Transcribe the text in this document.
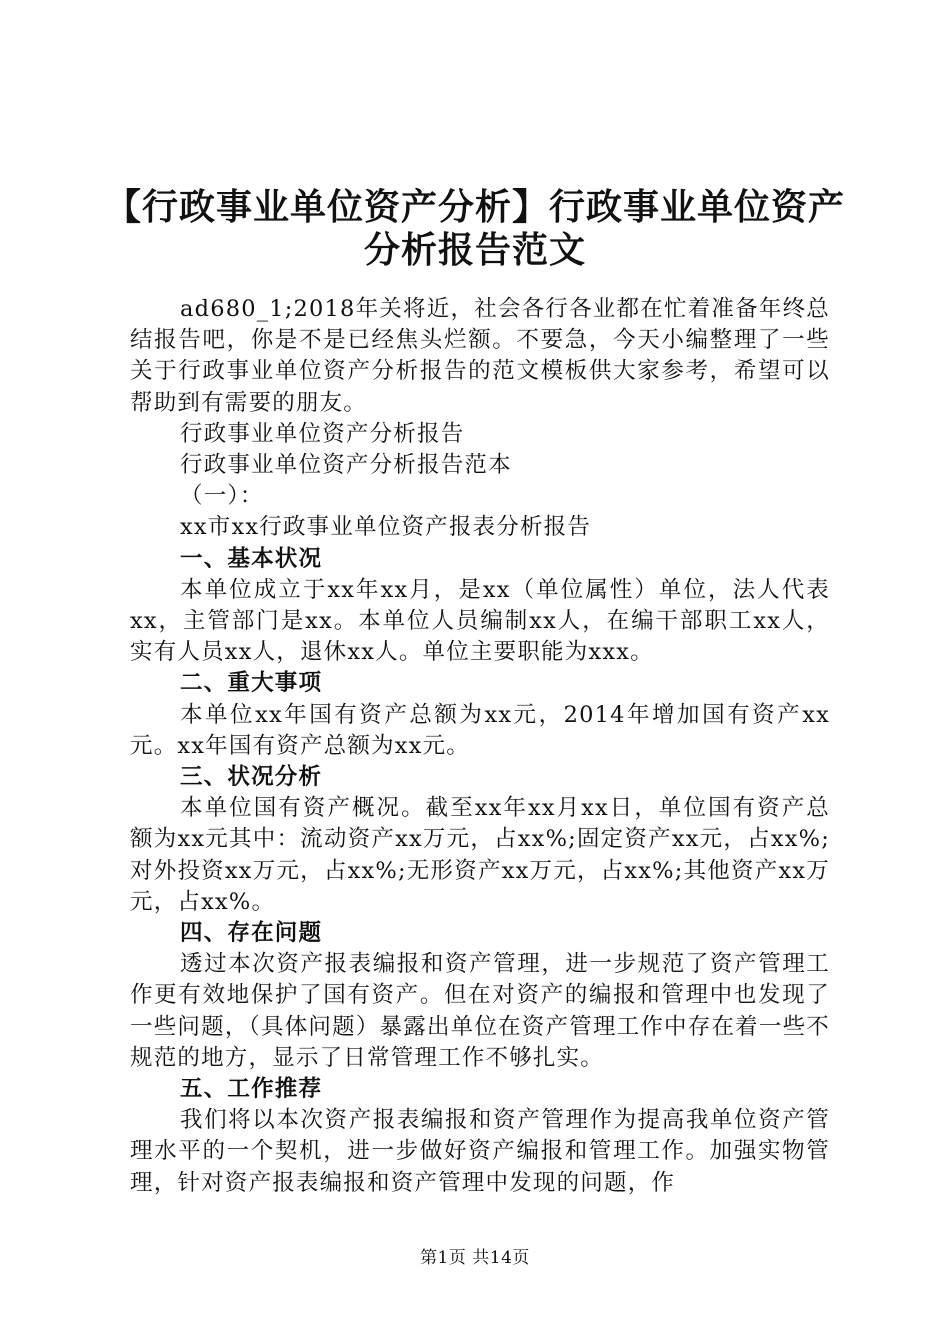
【行政事业单位资产分析】行政事业单位资产
分析报告范文

ad680_1;2018年关将近，社会各行各业都在忙着准备年终总结报告吧，你是不是已经焦头烂额。不要急，今天小编整理了一些关于行政事业单位资产分析报告的范文模板供大家参考，希望可以帮助到有需要的朋友。

行政事业单位资产分析报告

行政事业单位资产分析报告范本

（一）：

xx市xx行政事业单位资产报表分析报告

一、基本状况

本单位成立于xx年xx月，是xx（单位属性）单位，法人代表xx，主管部门是xx。本单位人员编制xx人，在编干部职工xx人，实有人员xx人，退休xx人。单位主要职能为xxx。

二、重大事项

本单位xx年国有资产总额为xx元，2014年增加国有资产xx元。xx年国有资产总额为xx元。

三、状况分析

本单位国有资产概况。截至xx年xx月xx日，单位国有资产总额为xx元其中：流动资产xx万元，占xx%;固定资产xx元，占xx%;对外投资xx万元，占xx%;无形资产xx万元，占xx%;其他资产xx万元，占xx%。

四、存在问题

透过本次资产报表编报和资产管理，进一步规范了资产管理工作更有效地保护了国有资产。但在对资产的编报和管理中也发现了一些问题，（具体问题）暴露出单位在资产管理工作中存在着一些不规范的地方，显示了日常管理工作不够扎实。

五、工作推荐

我们将以本次资产报表编报和资产管理作为提高我单位资产管理水平的一个契机，进一步做好资产编报和管理工作。加强实物管理，针对资产报表编报和资产管理中发现的问题，作

第1页 共14页
